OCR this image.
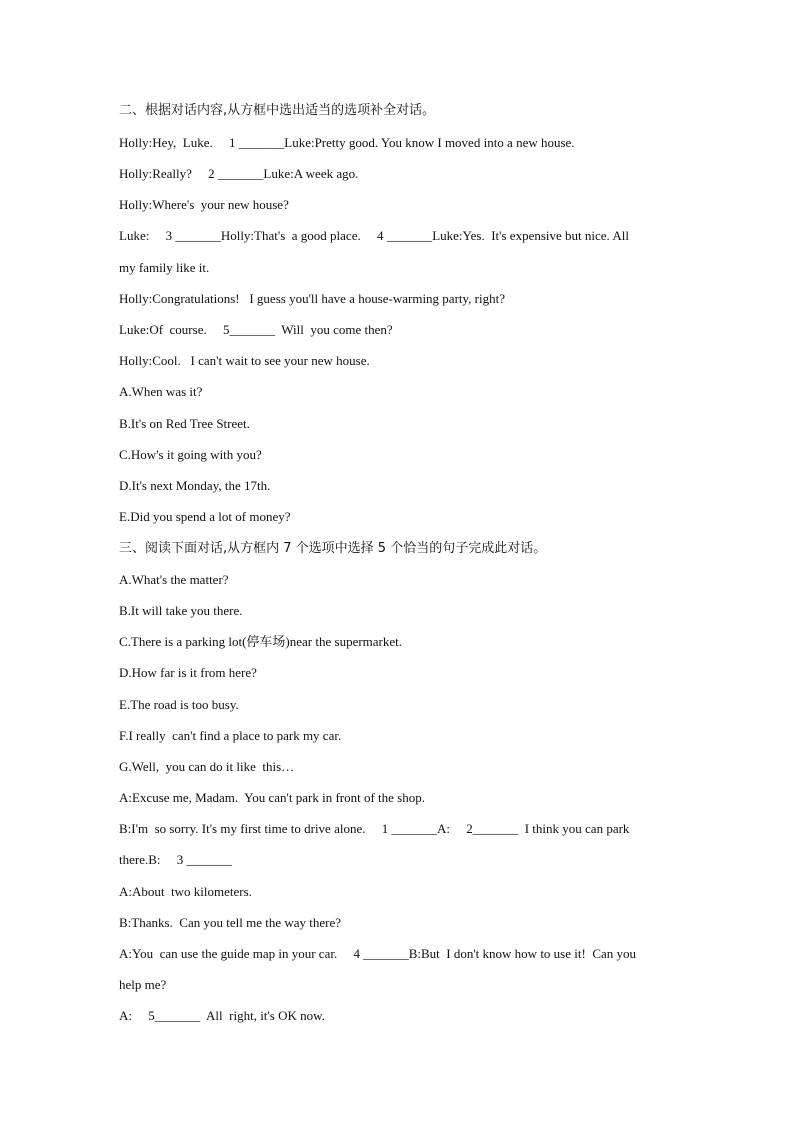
二、根据对话内容,从方框中选出适当的选项补全对话。
Holly:Hey,  Luke.     1 _______Luke:Pretty good. You know I moved into a new house.
Holly:Really?     2 _______Luke:A week ago.
Holly:Where's  your new house?
Luke:     3 _______Holly:That's  a good place.     4 _______Luke:Yes.  It's expensive but nice. All
my family like it.
Holly:Congratulations!   I guess you'll have a house-warming party, right?
Luke:Of  course.     5_______  Will  you come then?
Holly:Cool.   I can't wait to see your new house.
A.When was it?
B.It's on Red Tree Street.
C.How's it going with you?
D.It's next Monday, the 17th.
E.Did you spend a lot of money?
三、阅读下面对话,从方框内 7 个选项中选择 5 个恰当的句子完成此对话。
A.What's the matter?
B.It will take you there.
C.There is a parking lot(停车场)near the supermarket.
D.How far is it from here?
E.The road is too busy.
F.I really  can't find a place to park my car.
G.Well,  you can do it like  this…
A:Excuse me, Madam.  You can't park in front of the shop.
B:I'm  so sorry. It's my first time to drive alone.     1 _______A:     2_______  I think you can park
there.B:     3 _______
A:About  two kilometers.
B:Thanks.  Can you tell me the way there?
A:You  can use the guide map in your car.     4 _______B:But  I don't know how to use it!  Can you
help me?
A:     5_______  All  right, it's OK now.
